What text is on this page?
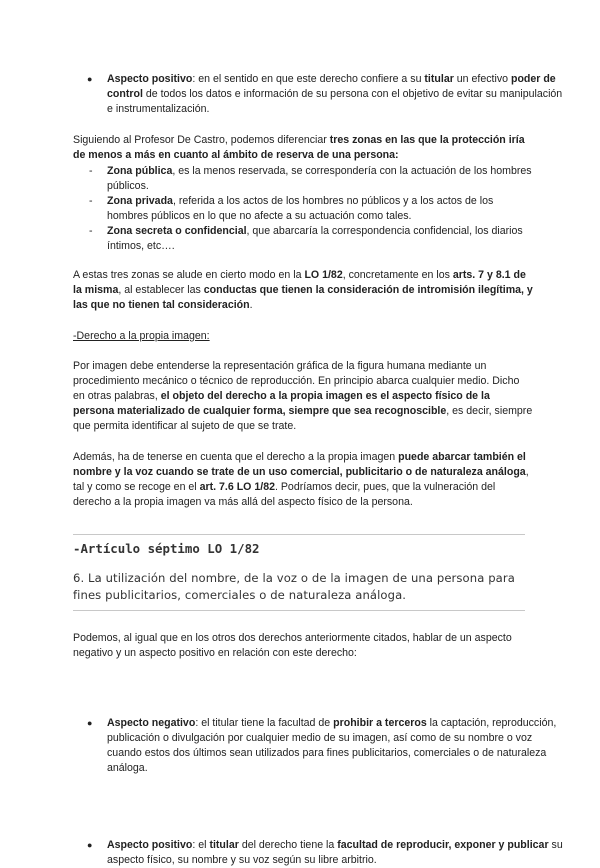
● Aspecto positivo: en el sentido en que este derecho confiere a su titular un efectivo poder de control de todos los datos e información de su persona con el objetivo de evitar su manipulación e instrumentalización.

Siguiendo al Profesor De Castro, podemos diferenciar tres zonas en las que la protección iría de menos a más en cuanto al ámbito de reserva de una persona:

- Zona pública, es la menos reservada, se correspondería con la actuación de los hombres públicos.

- Zona privada, referida a los actos de los hombres no públicos y a los actos de los hombres públicos en lo que no afecte a su actuación como tales.

- Zona secreta o confidencial, que abarcaría la correspondencia confidencial, los diarios íntimos, etc….

A estas tres zonas se alude en cierto modo en la LO 1/82, concretamente en los arts. 7 y 8.1 de la misma, al establecer las conductas que tienen la consideración de intromisión ilegítima, y las que no tienen tal consideración.

-Derecho a la propia imagen:

Por imagen debe entenderse la representación gráfica de la figura humana mediante un procedimiento mecánico o técnico de reproducción. En principio abarca cualquier medio. Dicho en otras palabras, el objeto del derecho a la propia imagen es el aspecto físico de la persona materializado de cualquier forma, siempre que sea recognoscible, es decir, siempre que permita identificar al sujeto de que se trate.

Además, ha de tenerse en cuenta que el derecho a la propia imagen puede abarcar también el nombre y la voz cuando se trate de un uso comercial, publicitario o de naturaleza análoga, tal y como se recoge en el art. 7.6 LO 1/82. Podríamos decir, pues, que la vulneración del derecho a la propia imagen va más allá del aspecto físico de la persona.

-Artículo séptimo LO 1/82

6. La utilización del nombre, de la voz o de la imagen de una persona para fines publicitarios, comerciales o de naturaleza análoga.

Podemos, al igual que en los otros dos derechos anteriormente citados, hablar de un aspecto negativo y un aspecto positivo en relación con este derecho:

● Aspecto negativo: el titular tiene la facultad de prohibir a terceros la captación, reproducción, publicación o divulgación por cualquier medio de su imagen, así como de su nombre o voz cuando estos dos últimos sean utilizados para fines publicitarios, comerciales o de naturaleza análoga.

● Aspecto positivo: el titular del derecho tiene la facultad de reproducir, exponer y publicar su aspecto físico, su nombre y su voz según su libre arbitrio.
